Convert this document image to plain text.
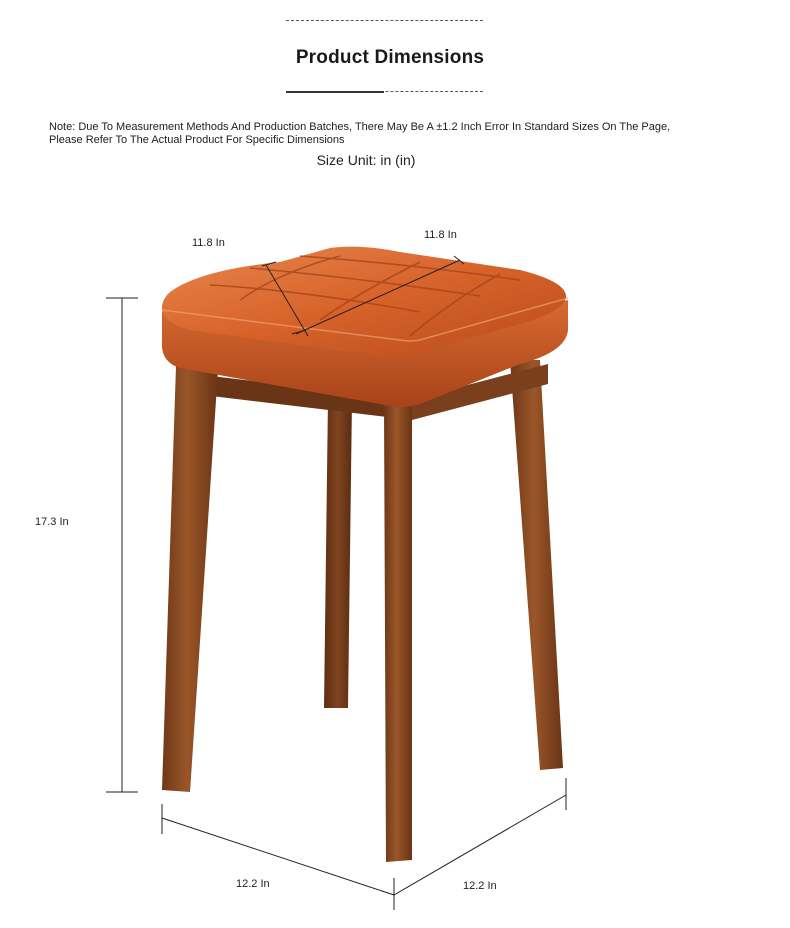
Product Dimensions
Note: Due To Measurement Methods And Production Batches, There May Be A ±1.2 Inch Error In Standard Sizes On The Page,
Please Refer To The Actual Product For Specific Dimensions
Size Unit: in (in)
11.8 In
11.8 In
17.3 In
12.2 In	12.2 In
